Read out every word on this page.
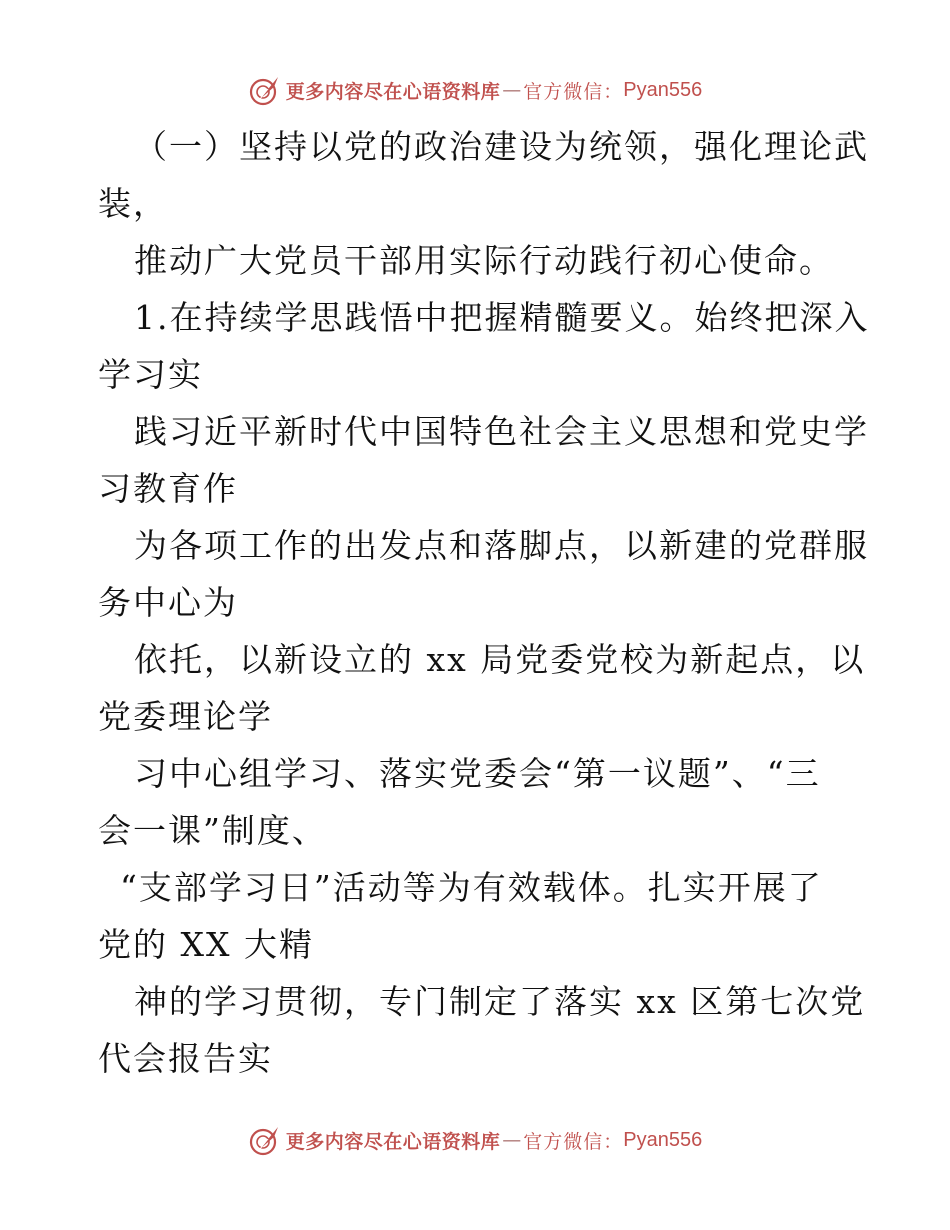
更多内容尽在心语资料库 — 官方微信： Pyan556
（一）坚持以党的政治建设为统领，强化理论武
装，
推动广大党员干部用实际行动践行初心使命。
1.在持续学思践悟中把握精髓要义。始终把深入
学习实
践习近平新时代中国特色社会主义思想和党史学
习教育作
为各项工作的出发点和落脚点，以新建的党群服
务中心为
依托，以新设立的 xx 局党委党校为新起点，以
党委理论学
习中心组学习、落实党委会“第一议题”、“三
会一课”制度、
“支部学习日”活动等为有效载体。扎实开展了
党的 XX 大精
神的学习贯彻，专门制定了落实 xx 区第七次党
代会报告实
更多内容尽在心语资料库 — 官方微信： Pyan556
